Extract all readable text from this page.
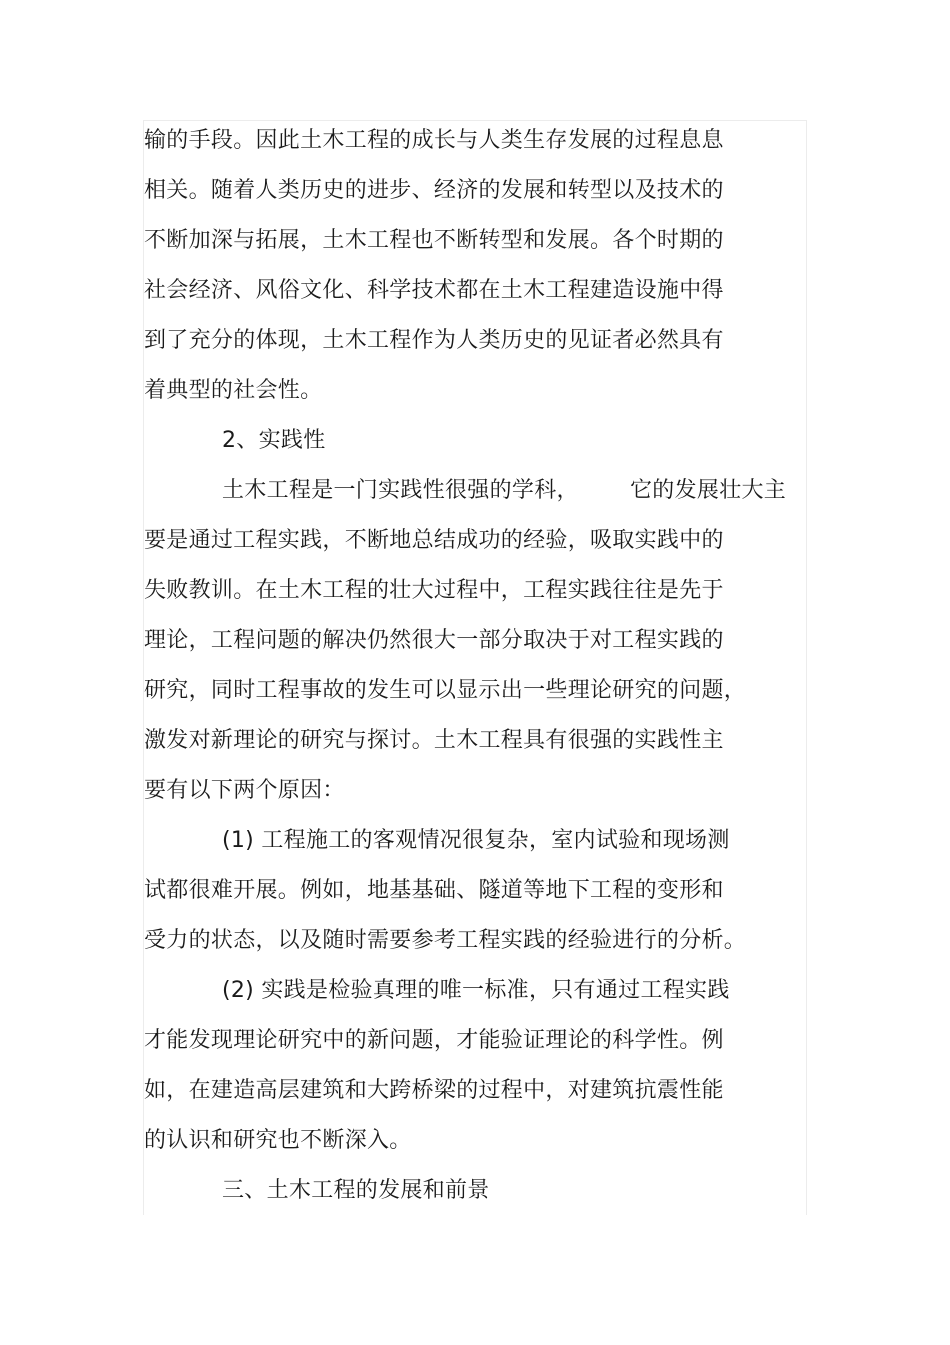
输的手段。因此土木工程的成长与人类生存发展的过程息息
相关。随着人类历史的进步、经济的发展和转型以及技术的
不断加深与拓展，土木工程也不断转型和发展。各个时期的
社会经济、风俗文化、科学技术都在土木工程建造设施中得
到了充分的体现，土木工程作为人类历史的见证者必然具有
着典型的社会性。
2、实践性
土木工程是一门实践性很强的学科， 它的发展壮大主
要是通过工程实践，不断地总结成功的经验，吸取实践中的
失败教训。在土木工程的壮大过程中，工程实践往往是先于
理论，工程问题的解决仍然很大一部分取决于对工程实践的
研究，同时工程事故的发生可以显示出一些理论研究的问题，
激发对新理论的研究与探讨。土木工程具有很强的实践性主
要有以下两个原因：
(1) 工程施工的客观情况很复杂，室内试验和现场测
试都很难开展。例如，地基基础、隧道等地下工程的变形和
受力的状态，以及随时需要参考工程实践的经验进行的分析。
(2) 实践是检验真理的唯一标准，只有通过工程实践
才能发现理论研究中的新问题，才能验证理论的科学性。例
如，在建造高层建筑和大跨桥梁的过程中，对建筑抗震性能
的认识和研究也不断深入。
三、土木工程的发展和前景
